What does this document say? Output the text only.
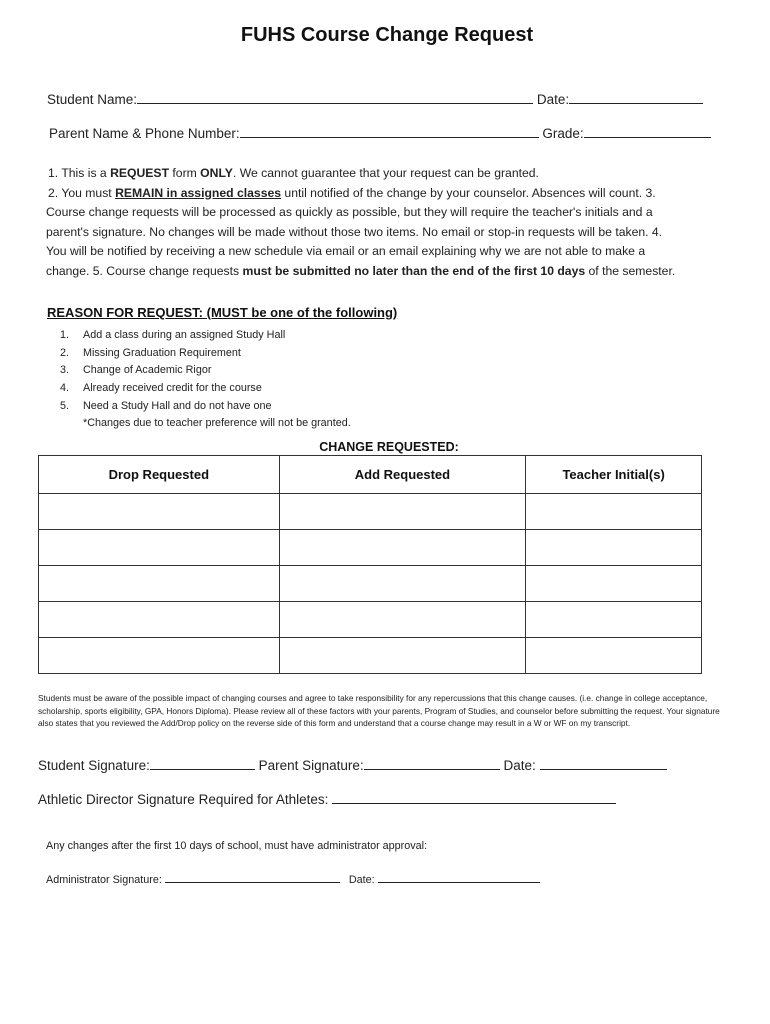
FUHS Course Change Request
Student Name:	Date:
Parent Name & Phone Number:	Grade:
1. This is a REQUEST form ONLY. We cannot guarantee that your request can be granted.
2. You must REMAIN in assigned classes until notified of the change by your counselor. Absences will count. 3. Course change requests will be processed as quickly as possible, but they will require the teacher's initials and a parent's signature. No changes will be made without those two items. No email or stop-in requests will be taken. 4. You will be notified by receiving a new schedule via email or an email explaining why we are not able to make a change. 5. Course change requests must be submitted no later than the end of the first 10 days of the semester.
REASON FOR REQUEST: (MUST be one of the following)
1.	Add a class during an assigned Study Hall
2.	Missing Graduation Requirement
3.	Change of Academic Rigor
4.	Already received credit for the course
5.	Need a Study Hall and do not have one
*Changes due to teacher preference will not be granted.
CHANGE REQUESTED:
Drop Requested	Add Requested	Teacher Initial(s)

Students must be aware of the possible impact of changing courses and agree to take responsibility for any repercussions that this change causes. (i.e. change in college acceptance, scholarship, sports eligibility, GPA, Honors Diploma). Please review all of these factors with your parents, Program of Studies, and counselor before submitting the request. Your signature also states that you reviewed the Add/Drop policy on the reverse side of this form and understand that a course change may result in a W or WF on my transcript.
Student Signature:	Parent Signature:	Date:
Athletic Director Signature Required for Athletes:
Any changes after the first 10 days of school, must have administrator approval:
Administrator Signature:	Date:
